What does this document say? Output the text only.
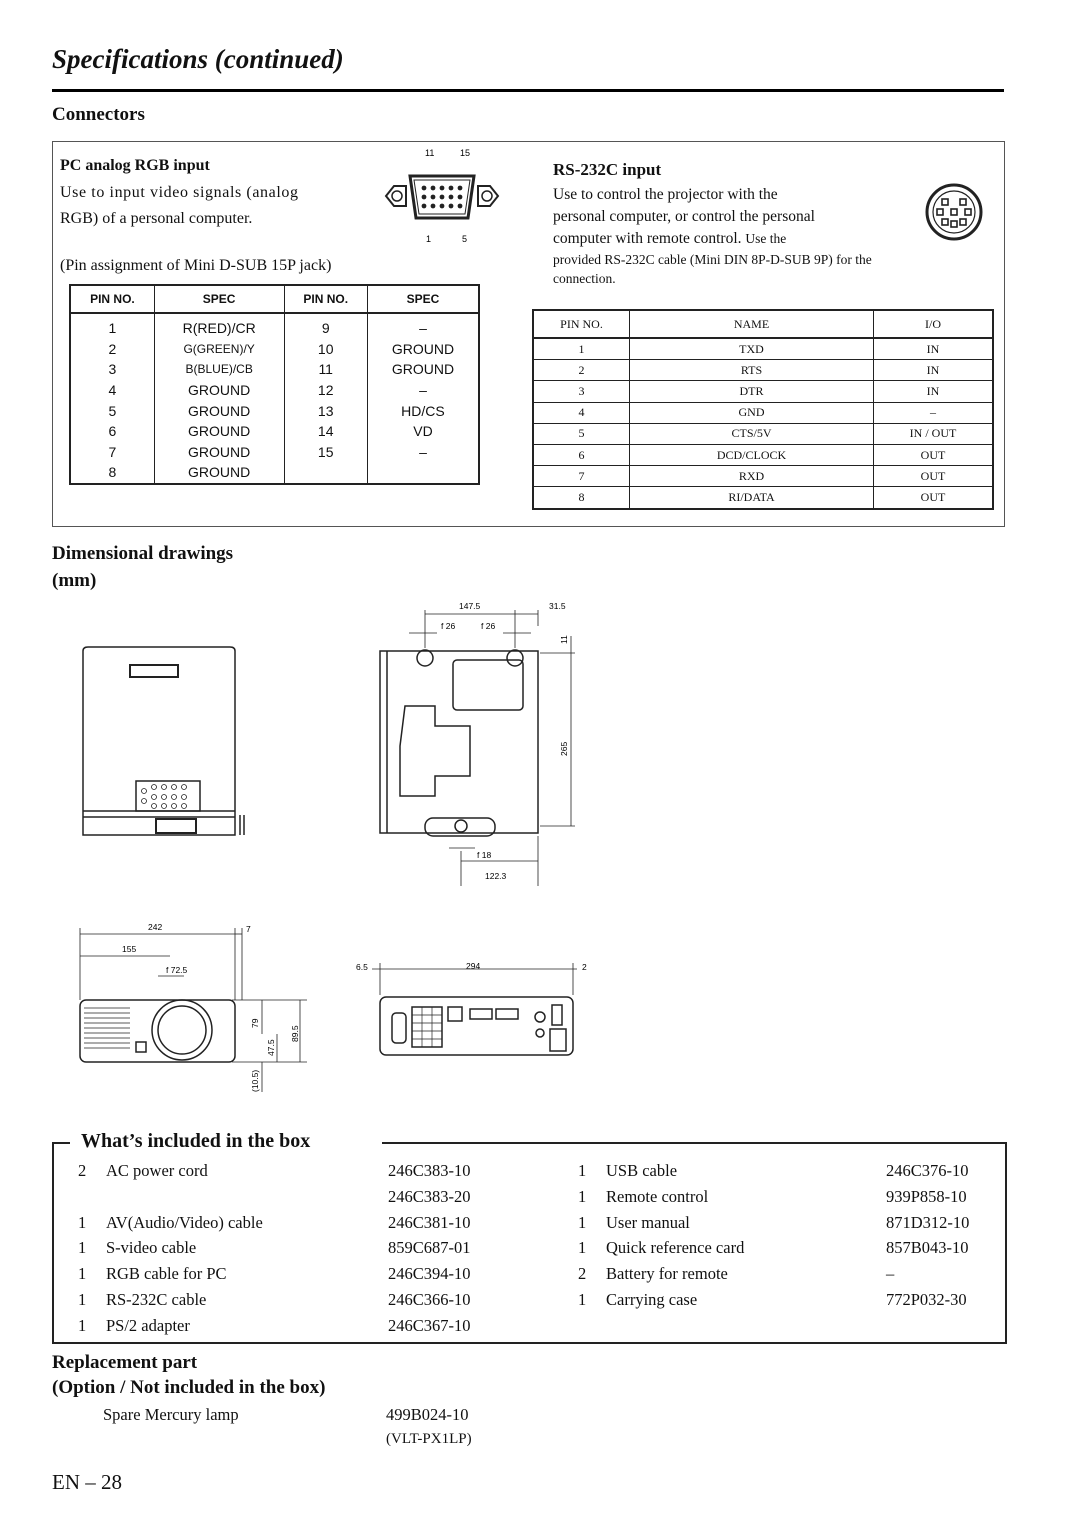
Specifications (continued)
Connectors
PC analog RGB input
Use to input video signals (analog
RGB) of a personal computer.
(Pin assignment of Mini D-SUB 15P jack)
11	15
1	5
PIN NO.	SPEC	PIN NO.	SPEC
1	R(RED)/CR	9	–
2	G(GREEN)/Y	10	GROUND
3	B(BLUE)/CB	11	GROUND
4	GROUND	12	–
5	GROUND	13	HD/CS
6	GROUND	14	VD
7	GROUND	15	–
8	GROUND		
RS-232C input
Use to control the projector with the
personal computer, or control the personal
computer with remote control. Use the
provided RS-232C cable (Mini DIN 8P-D-SUB 9P) for the
connection.
PIN NO.	NAME	I/O
1	TXD	IN
2	RTS	IN
3	DTR	IN
4	GND	–
5	CTS/5V	IN / OUT
6	DCD/CLOCK	OUT
7	RXD	OUT
8	RI/DATA	OUT
Dimensional drawings
(mm)
147.5	31.5
f 26	f 26
11
265
f 18
122.3
242	7
155
f 72.5
79
47.5
89.5
(10.5)
6.5	294	2
What’s included in the box
2 AC power cord	246C383-10
246C383-20
1 AV(Audio/Video) cable	246C381-10
1 S-video cable	859C687-01
1 RGB cable for PC	246C394-10
1 RS-232C cable	246C366-10
1 PS/2 adapter	246C367-10
1 USB cable	246C376-10
1 Remote control	939P858-10
1 User manual	871D312-10
1 Quick reference card	857B043-10
2 Battery for remote	–
1 Carrying case	772P032-30
Replacement part
(Option / Not included in the box)
Spare Mercury lamp	499B024-10
(VLT-PX1LP)
EN – 28
